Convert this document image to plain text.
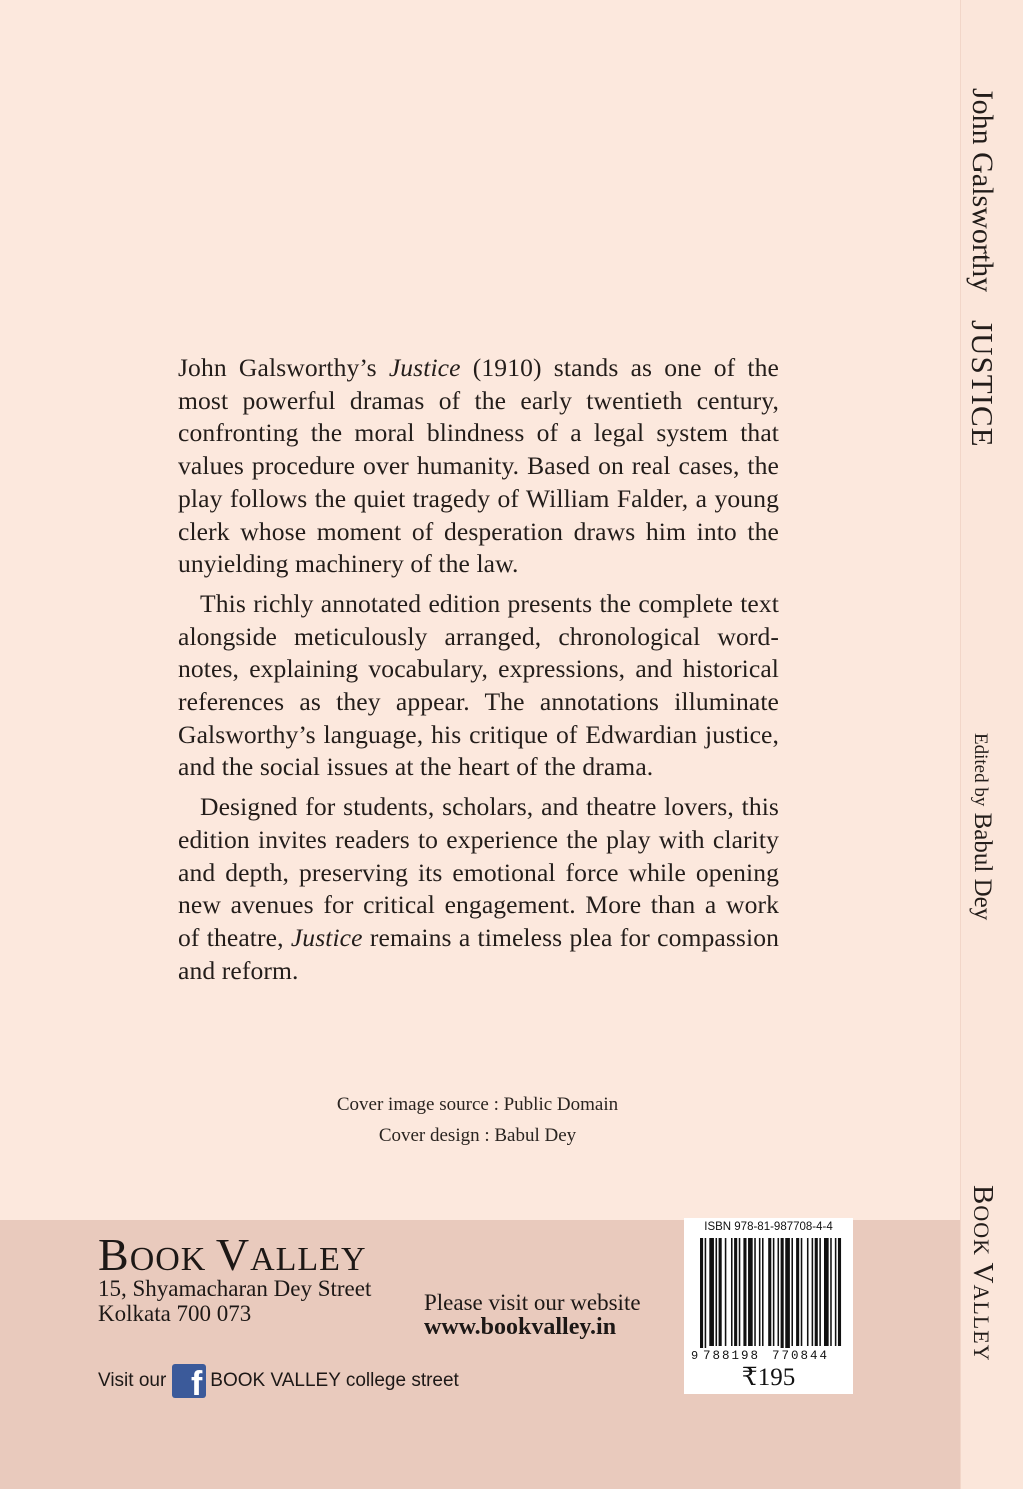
John Galsworthy’s Justice (1910) stands as one of the most powerful dramas of the early twentieth century, confronting the moral blindness of a legal system that values procedure over humanity. Based on real cases, the play follows the quiet tragedy of William Falder, a young clerk whose moment of desperation draws him into the unyielding machinery of the law.

This richly annotated edition presents the complete text alongside meticulously arranged, chronological word-notes, explaining vocabulary, expressions, and historical references as they appear. The annotations illuminate Galsworthy’s language, his critique of Edwardian justice, and the social issues at the heart of the drama.

Designed for students, scholars, and theatre lovers, this edition invites readers to experience the play with clarity and depth, preserving its emotional force while opening new avenues for critical engagement. More than a work of theatre, Justice remains a timeless plea for compassion and reform.

Cover image source : Public Domain
Cover design : Babul Dey
BOOK VALLEY
15, Shyamacharan Dey Street
Kolkata 700 073	Please visit our website
www.bookvalley.in
Visit our f BOOK VALLEY college street
ISBN 978-81-987708-4-4
9 788198 770844
₹195
John Galsworthy
JUSTICE
Edited by Babul Dey
BOOK VALLEY
